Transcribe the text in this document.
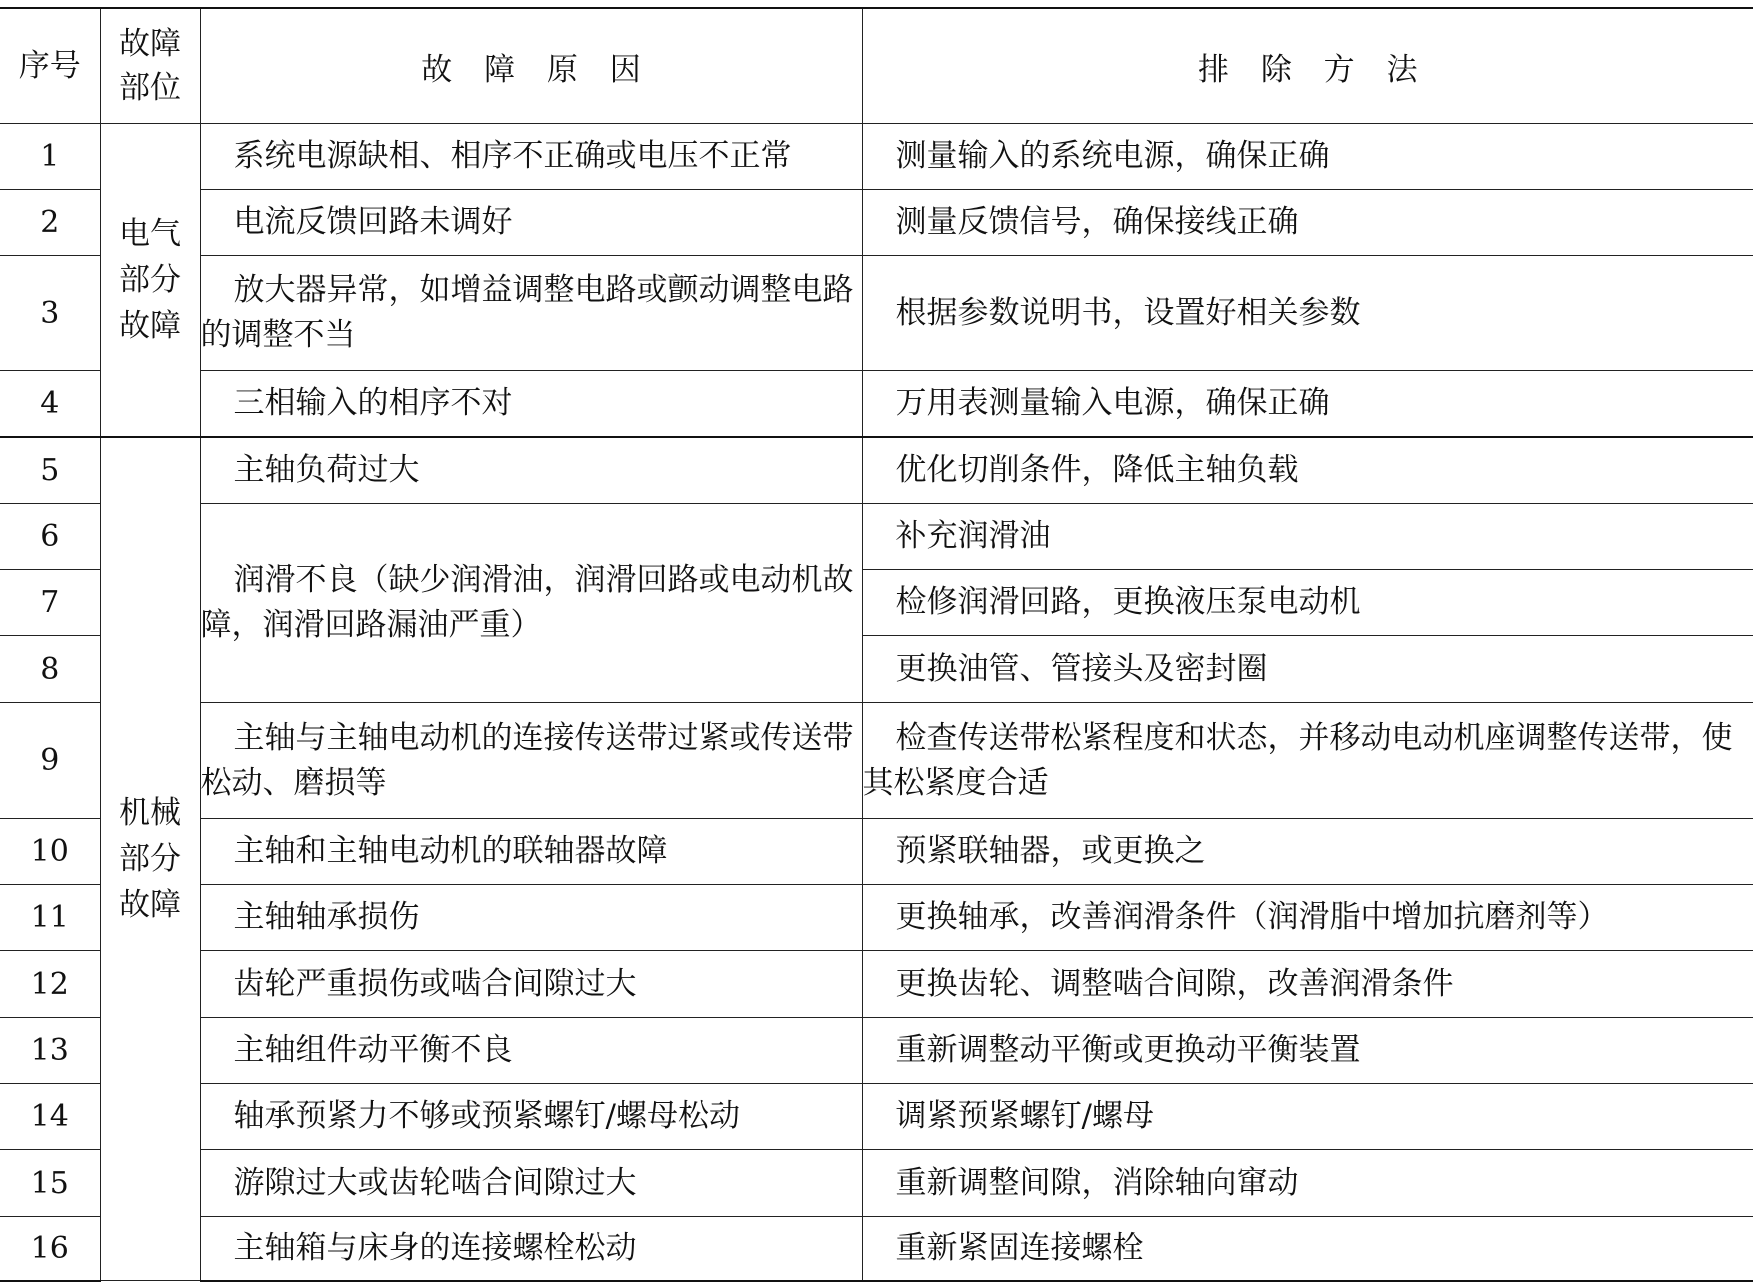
序号	故障部位	故 障 原 因	排 除 方 法
1	电气部分故障	系统电源缺相、相序不正确或电压不正常	测量输入的系统电源，确保正确
2		电流反馈回路未调好	测量反馈信号，确保接线正确
3		放大器异常，如增益调整电路或颤动调整电路的调整不当	根据参数说明书，设置好相关参数
4		三相输入的相序不对	万用表测量输入电源，确保正确
5	机械部分故障	主轴负荷过大	优化切削条件，降低主轴负载
6		润滑不良（缺少润滑油，润滑回路或电动机故障，润滑回路漏油严重）	补充润滑油
7			检修润滑回路，更换液压泵电动机
8			更换油管、管接头及密封圈
9		主轴与主轴电动机的连接传送带过紧或传送带松动、磨损等	检查传送带松紧程度和状态，并移动电动机座调整传送带，使其松紧度合适
10		主轴和主轴电动机的联轴器故障	预紧联轴器，或更换之
11		主轴轴承损伤	更换轴承，改善润滑条件（润滑脂中增加抗磨剂等）
12		齿轮严重损伤或啮合间隙过大	更换齿轮、调整啮合间隙，改善润滑条件
13		主轴组件动平衡不良	重新调整动平衡或更换动平衡装置
14		轴承预紧力不够或预紧螺钉/螺母松动	调紧预紧螺钉/螺母
15		游隙过大或齿轮啮合间隙过大	重新调整间隙，消除轴向窜动
16		主轴箱与床身的连接螺栓松动	重新紧固连接螺栓
